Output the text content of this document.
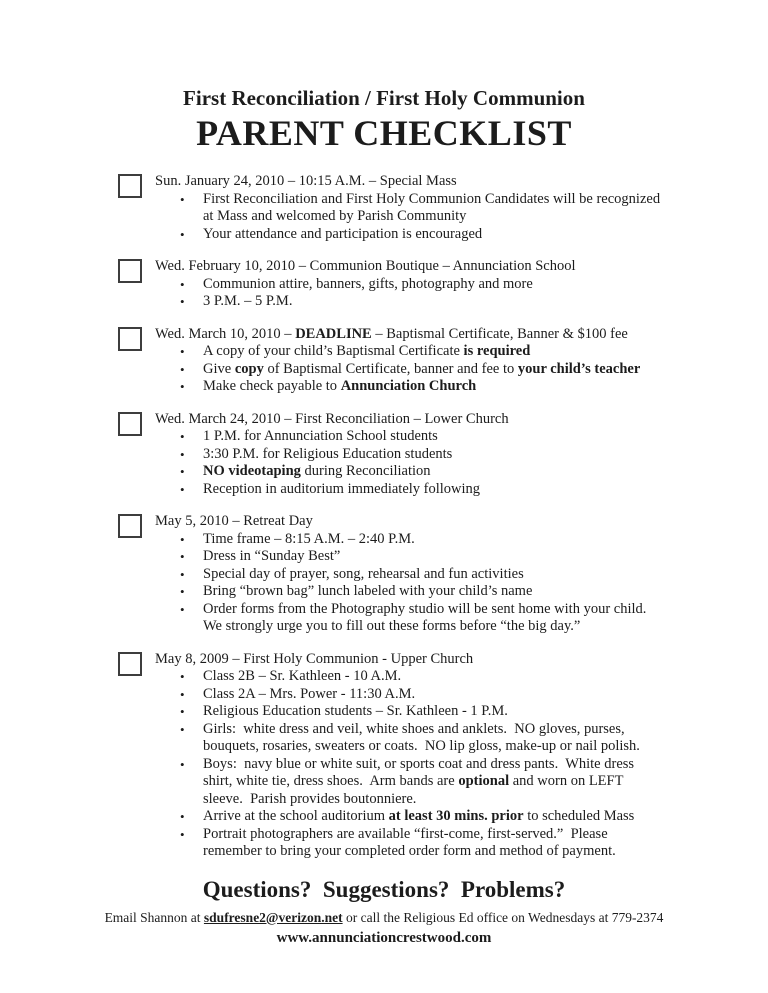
First Reconciliation / First Holy Communion
PARENT CHECKLIST
Sun. January 24, 2010 – 10:15 A.M. – Special Mass
•	First Reconciliation and First Holy Communion Candidates will be recognized at Mass and welcomed by Parish Community
•	Your attendance and participation is encouraged
Wed. February 10, 2010 – Communion Boutique – Annunciation School
•	Communion attire, banners, gifts, photography and more
•	3 P.M. – 5 P.M.
Wed. March 10, 2010 – DEADLINE – Baptismal Certificate, Banner & $100 fee
•	A copy of your child’s Baptismal Certificate is required
•	Give copy of Baptismal Certificate, banner and fee to your child’s teacher
•	Make check payable to Annunciation Church
Wed. March 24, 2010 – First Reconciliation – Lower Church
•	1 P.M. for Annunciation School students
•	3:30 P.M. for Religious Education students
•	NO videotaping during Reconciliation
•	Reception in auditorium immediately following
May 5, 2010 – Retreat Day
•	Time frame – 8:15 A.M. – 2:40 P.M.
•	Dress in “Sunday Best”
•	Special day of prayer, song, rehearsal and fun activities
•	Bring “brown bag” lunch labeled with your child’s name
•	Order forms from the Photography studio will be sent home with your child. We strongly urge you to fill out these forms before “the big day.”
May 8, 2009 – First Holy Communion - Upper Church
•	Class 2B – Sr. Kathleen - 10 A.M.
•	Class 2A – Mrs. Power - 11:30 A.M.
•	Religious Education students – Sr. Kathleen - 1 P.M.
•	Girls:  white dress and veil, white shoes and anklets.  NO gloves, purses, bouquets, rosaries, sweaters or coats.  NO lip gloss, make-up or nail polish.
•	Boys:  navy blue or white suit, or sports coat and dress pants.  White dress shirt, white tie, dress shoes.  Arm bands are optional and worn on LEFT sleeve.  Parish provides boutonniere.
•	Arrive at the school auditorium at least 30 mins. prior to scheduled Mass
•	Portrait photographers are available “first-come, first-served.”  Please remember to bring your completed order form and method of payment.
Questions?  Suggestions?  Problems?

Email Shannon at sdufresne2@verizon.net or call the Religious Ed office on Wednesdays at 779-2374

www.annunciationcrestwood.com
